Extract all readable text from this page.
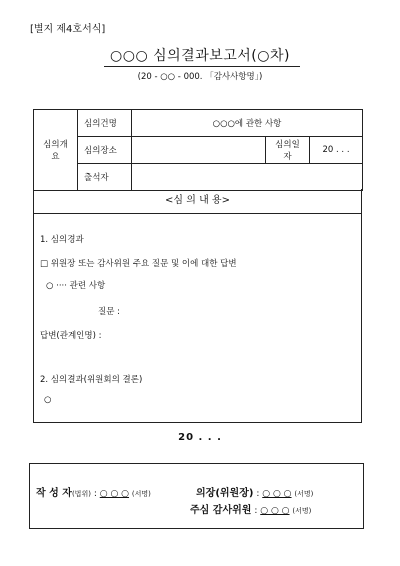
[별지 제4호서식]
○○○ 심의결과보고서(○차)
(20 - ○○ - 000. 「감사사항명」)
심의개요	심의건명	○○○에 관한 사항		
	심의장소		심의일자	20 . . .
	출석자			
<심 의 내 용>
1. 심의경과
□ 위원장 또는 감사위원 주요 질문 및 이에 대한 답변
○ ···· 관련 사항
질문 :
답변(관계인명) :
2. 심의결과(위원회의 결론)
○
20 . . .
작 성 자(법위) : ○ ○ ○ (서명)	의장(위원장) : ○ ○ ○ (서명)
주심 감사위원 : ○ ○ ○ (서명)
